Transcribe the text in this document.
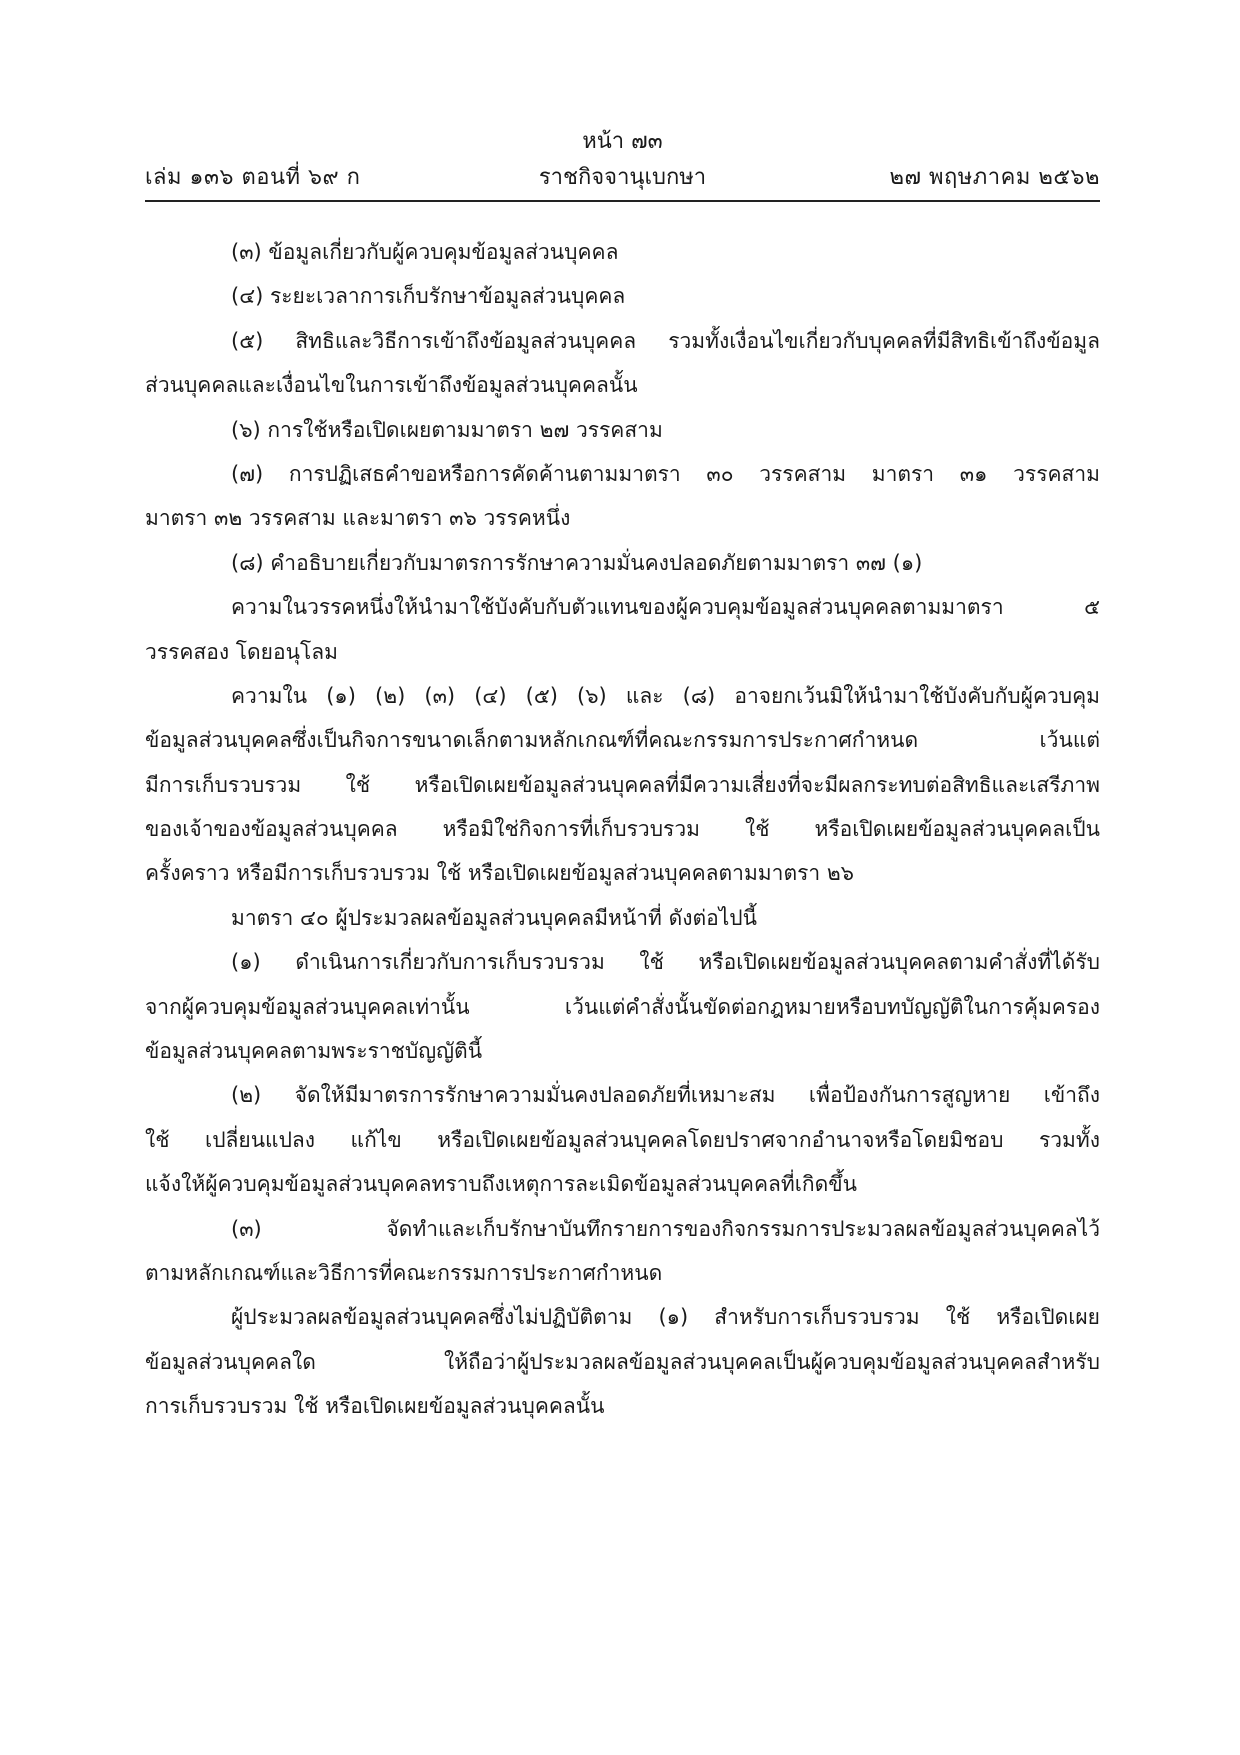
หน้า ๗๓
ราชกิจจานุเบกษา
เล่ม ๑๓๖ ตอนที่ ๖๙ ก	๒๗ พฤษภาคม ๒๕๖๒
(๓) ข้อมูลเกี่ยวกับผู้ควบคุมข้อมูลส่วนบุคคล
(๔) ระยะเวลาการเก็บรักษาข้อมูลส่วนบุคคล
(๕) สิทธิและวิธีการเข้าถึงข้อมูลส่วนบุคคล รวมทั้งเงื่อนไขเกี่ยวกับบุคคลที่มีสิทธิเข้าถึงข้อมูล
ส่วนบุคคลและเงื่อนไขในการเข้าถึงข้อมูลส่วนบุคคลนั้น
(๖) การใช้หรือเปิดเผยตามมาตรา ๒๗ วรรคสาม
(๗) การปฏิเสธคำขอหรือการคัดค้านตามมาตรา ๓๐ วรรคสาม มาตรา ๓๑ วรรคสาม
มาตรา ๓๒ วรรคสาม และมาตรา ๓๖ วรรคหนึ่ง
(๘) คำอธิบายเกี่ยวกับมาตรการรักษาความมั่นคงปลอดภัยตามมาตรา ๓๗ (๑)
ความในวรรคหนึ่งให้นำมาใช้บังคับกับตัวแทนของผู้ควบคุมข้อมูลส่วนบุคคลตามมาตรา ๕
วรรคสอง โดยอนุโลม
ความใน (๑) (๒) (๓) (๔) (๕) (๖) และ (๘) อาจยกเว้นมิให้นำมาใช้บังคับกับผู้ควบคุม
ข้อมูลส่วนบุคคลซึ่งเป็นกิจการขนาดเล็กตามหลักเกณฑ์ที่คณะกรรมการประกาศกำหนด เว้นแต่
มีการเก็บรวบรวม ใช้ หรือเปิดเผยข้อมูลส่วนบุคคลที่มีความเสี่ยงที่จะมีผลกระทบต่อสิทธิและเสรีภาพ
ของเจ้าของข้อมูลส่วนบุคคล หรือมิใช่กิจการที่เก็บรวบรวม ใช้ หรือเปิดเผยข้อมูลส่วนบุคคลเป็น
ครั้งคราว หรือมีการเก็บรวบรวม ใช้ หรือเปิดเผยข้อมูลส่วนบุคคลตามมาตรา ๒๖
มาตรา ๔๐ ผู้ประมวลผลข้อมูลส่วนบุคคลมีหน้าที่ ดังต่อไปนี้
(๑) ดำเนินการเกี่ยวกับการเก็บรวบรวม ใช้ หรือเปิดเผยข้อมูลส่วนบุคคลตามคำสั่งที่ได้รับ
จากผู้ควบคุมข้อมูลส่วนบุคคลเท่านั้น เว้นแต่คำสั่งนั้นขัดต่อกฎหมายหรือบทบัญญัติในการคุ้มครอง
ข้อมูลส่วนบุคคลตามพระราชบัญญัตินี้
(๒) จัดให้มีมาตรการรักษาความมั่นคงปลอดภัยที่เหมาะสม เพื่อป้องกันการสูญหาย เข้าถึง
ใช้ เปลี่ยนแปลง แก้ไข หรือเปิดเผยข้อมูลส่วนบุคคลโดยปราศจากอำนาจหรือโดยมิชอบ รวมทั้ง
แจ้งให้ผู้ควบคุมข้อมูลส่วนบุคคลทราบถึงเหตุการละเมิดข้อมูลส่วนบุคคลที่เกิดขึ้น
(๓) จัดทำและเก็บรักษาบันทึกรายการของกิจกรรมการประมวลผลข้อมูลส่วนบุคคลไว้
ตามหลักเกณฑ์และวิธีการที่คณะกรรมการประกาศกำหนด
ผู้ประมวลผลข้อมูลส่วนบุคคลซึ่งไม่ปฏิบัติตาม (๑) สำหรับการเก็บรวบรวม ใช้ หรือเปิดเผย
ข้อมูลส่วนบุคคลใด ให้ถือว่าผู้ประมวลผลข้อมูลส่วนบุคคลเป็นผู้ควบคุมข้อมูลส่วนบุคคลสำหรับ
การเก็บรวบรวม ใช้ หรือเปิดเผยข้อมูลส่วนบุคคลนั้น
